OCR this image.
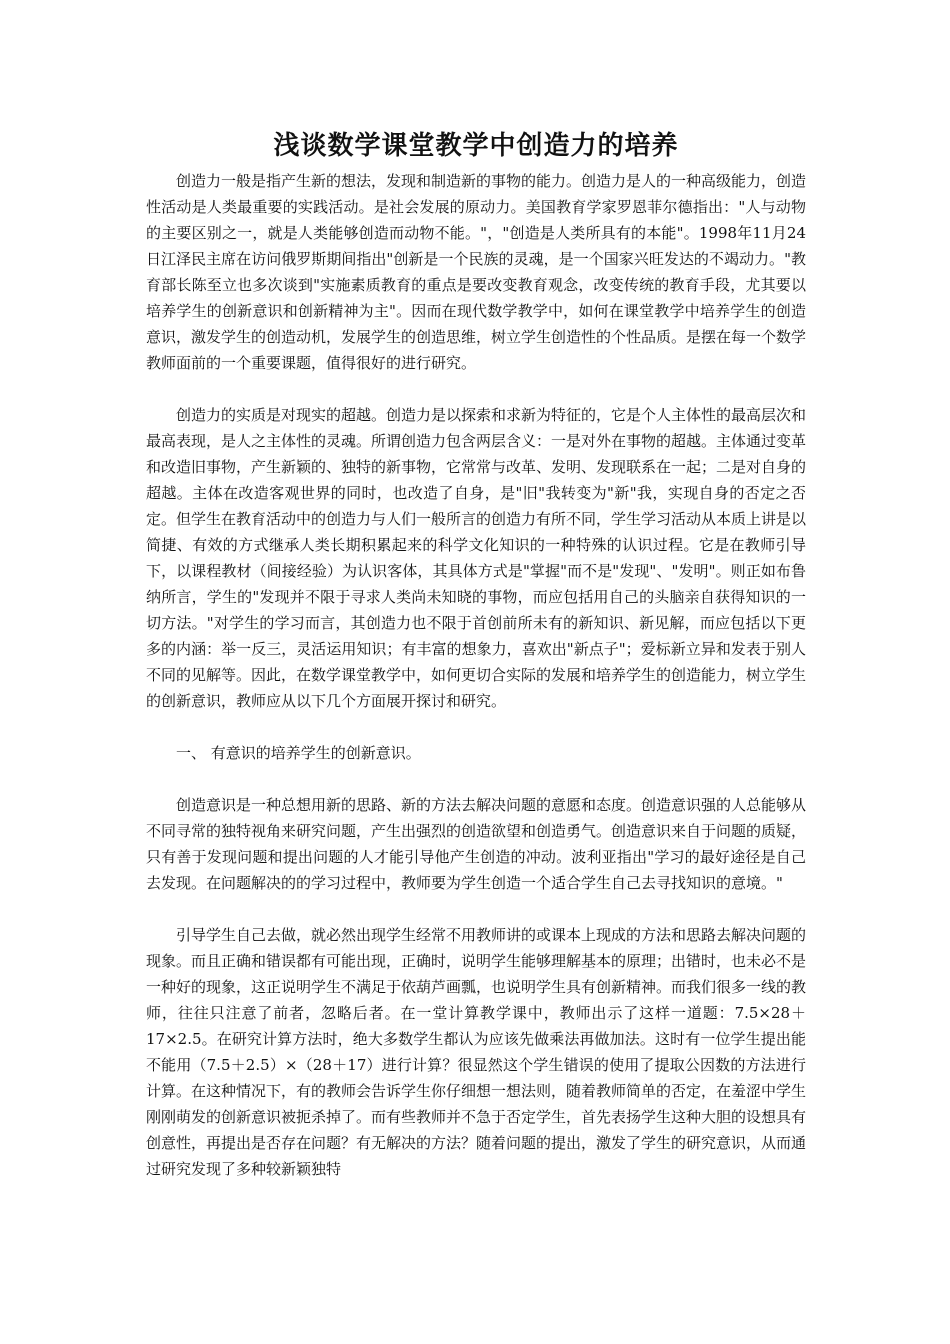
浅谈数学课堂教学中创造力的培养

创造力一般是指产生新的想法，发现和制造新的事物的能力。创造力是人的一种高级能力，创造性活动是人类最重要的实践活动。是社会发展的原动力。美国教育学家罗恩菲尔德指出："人与动物的主要区别之一，就是人类能够创造而动物不能。"，"创造是人类所具有的本能"。1998年11月24日江泽民主席在访问俄罗斯期间指出"创新是一个民族的灵魂，是一个国家兴旺发达的不竭动力。"教育部长陈至立也多次谈到"实施素质教育的重点是要改变教育观念，改变传统的教育手段，尤其要以培养学生的创新意识和创新精神为主"。因而在现代数学教学中，如何在课堂教学中培养学生的创造意识，激发学生的创造动机，发展学生的创造思维，树立学生创造性的个性品质。是摆在每一个数学教师面前的一个重要课题，值得很好的进行研究。

创造力的实质是对现实的超越。创造力是以探索和求新为特征的，它是个人主体性的最高层次和最高表现，是人之主体性的灵魂。所谓创造力包含两层含义：一是对外在事物的超越。主体通过变革和改造旧事物，产生新颖的、独特的新事物，它常常与改革、发明、发现联系在一起；二是对自身的超越。主体在改造客观世界的同时，也改造了自身，是"旧"我转变为"新"我，实现自身的否定之否定。但学生在教育活动中的创造力与人们一般所言的创造力有所不同，学生学习活动从本质上讲是以简捷、有效的方式继承人类长期积累起来的科学文化知识的一种特殊的认识过程。它是在教师引导下，以课程教材（间接经验）为认识客体，其具体方式是"掌握"而不是"发现"、"发明"。则正如布鲁纳所言，学生的"发现并不限于寻求人类尚未知晓的事物，而应包括用自己的头脑亲自获得知识的一切方法。"对学生的学习而言，其创造力也不限于首创前所未有的新知识、新见解，而应包括以下更多的内涵：举一反三，灵活运用知识；有丰富的想象力，喜欢出"新点子"；爱标新立异和发表于别人不同的见解等。因此，在数学课堂教学中，如何更切合实际的发展和培养学生的创造能力，树立学生的创新意识，教师应从以下几个方面展开探讨和研究。

一、 有意识的培养学生的创新意识。

创造意识是一种总想用新的思路、新的方法去解决问题的意愿和态度。创造意识强的人总能够从不同寻常的独特视角来研究问题，产生出强烈的创造欲望和创造勇气。创造意识来自于问题的质疑，只有善于发现问题和提出问题的人才能引导他产生创造的冲动。波利亚指出"学习的最好途径是自己去发现。在问题解决的的学习过程中，教师要为学生创造一个适合学生自己去寻找知识的意境。"

引导学生自己去做，就必然出现学生经常不用教师讲的或课本上现成的方法和思路去解决问题的现象。而且正确和错误都有可能出现，正确时，说明学生能够理解基本的原理；出错时，也未必不是一种好的现象，这正说明学生不满足于依葫芦画瓢，也说明学生具有创新精神。而我们很多一线的教师，往往只注意了前者，忽略后者。在一堂计算教学课中，教师出示了这样一道题：7.5×28＋17×2.5。在研究计算方法时，绝大多数学生都认为应该先做乘法再做加法。这时有一位学生提出能不能用（7.5＋2.5）×（28＋17）进行计算？很显然这个学生错误的使用了提取公因数的方法进行计算。在这种情况下，有的教师会告诉学生你仔细想一想法则，随着教师简单的否定，在羞涩中学生刚刚萌发的创新意识被扼杀掉了。而有些教师并不急于否定学生，首先表扬学生这种大胆的设想具有创意性，再提出是否存在问题？有无解决的方法？随着问题的提出，激发了学生的研究意识，从而通过研究发现了多种较新颖独特
